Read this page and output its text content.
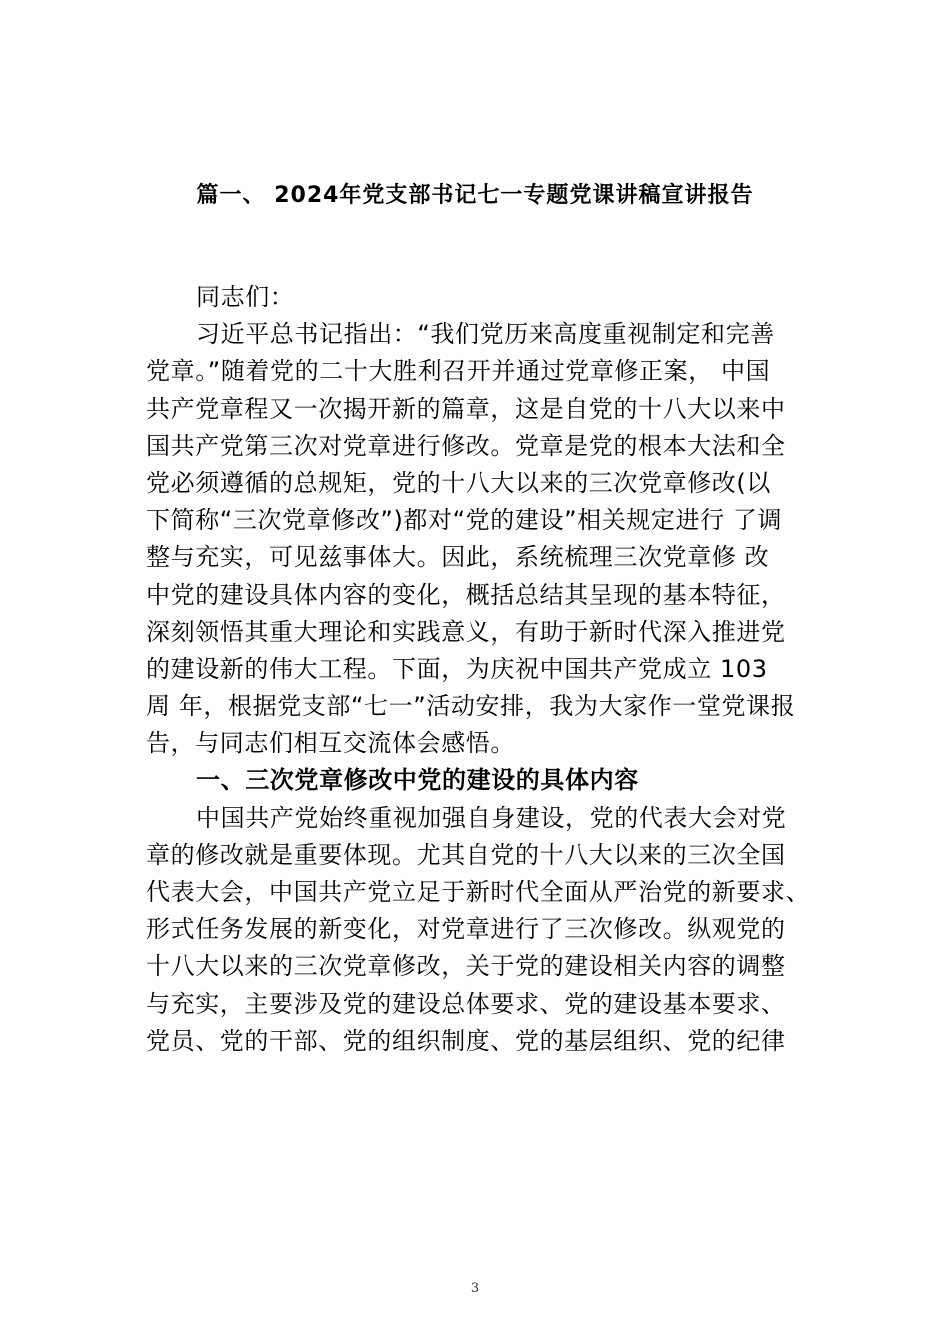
篇一、 2024年党支部书记七一专题党课讲稿宣讲报告
同志们：
习近平总书记指出：“我们党历来高度重视制定和完善
党章。”随着党的二十大胜利召开并通过党章修正案， 中国
共产党章程又一次揭开新的篇章，这是自党的十八大以来中
国共产党第三次对党章进行修改。党章是党的根本大法和全
党必须遵循的总规矩，党的十八大以来的三次党章修改(以
下简称“三次党章修改”)都对“党的建设”相关规定进行 了调
整与充实，可见兹事体大。因此，系统梳理三次党章修 改
中党的建设具体内容的变化，概括总结其呈现的基本特征，
深刻领悟其重大理论和实践意义，有助于新时代深入推进党
的建设新的伟大工程。下面，为庆祝中国共产党成立 103
周 年，根据党支部“七一”活动安排，我为大家作一堂党课报
告，与同志们相互交流体会感悟。
一、三次党章修改中党的建设的具体内容
中国共产党始终重视加强自身建设，党的代表大会对党
章的修改就是重要体现。尤其自党的十八大以来的三次全国
代表大会，中国共产党立足于新时代全面从严治党的新要求、
形式任务发展的新变化，对党章进行了三次修改。纵观党的
十八大以来的三次党章修改，关于党的建设相关内容的调整
与充实，主要涉及党的建设总体要求、党的建设基本要求、
党员、党的干部、党的组织制度、党的基层组织、党的纪律
3
